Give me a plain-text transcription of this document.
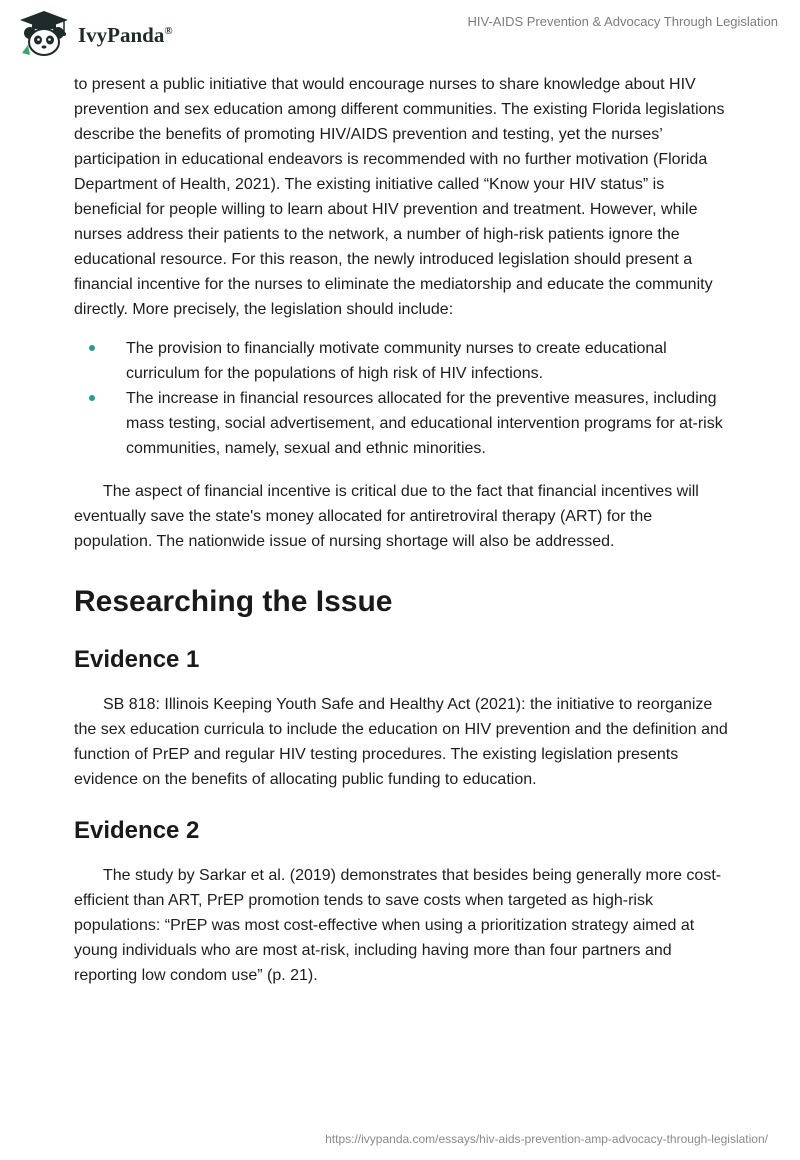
IvyPanda®
HIV-AIDS Prevention & Advocacy Through Legislation

to present a public initiative that would encourage nurses to share knowledge about HIV prevention and sex education among different communities. The existing Florida legislations describe the benefits of promoting HIV/AIDS prevention and testing, yet the nurses’ participation in educational endeavors is recommended with no further motivation (Florida Department of Health, 2021). The existing initiative called “Know your HIV status” is beneficial for people willing to learn about HIV prevention and treatment. However, while nurses address their patients to the network, a number of high-risk patients ignore the educational resource. For this reason, the newly introduced legislation should present a financial incentive for the nurses to eliminate the mediatorship and educate the community directly. More precisely, the legislation should include:

The provision to financially motivate community nurses to create educational curriculum for the populations of high risk of HIV infections.
The increase in financial resources allocated for the preventive measures, including mass testing, social advertisement, and educational intervention programs for at-risk communities, namely, sexual and ethnic minorities.

The aspect of financial incentive is critical due to the fact that financial incentives will eventually save the state's money allocated for antiretroviral therapy (ART) for the population. The nationwide issue of nursing shortage will also be addressed.

Researching the Issue
Evidence 1

SB 818: Illinois Keeping Youth Safe and Healthy Act (2021): the initiative to reorganize the sex education curricula to include the education on HIV prevention and the definition and function of PrEP and regular HIV testing procedures. The existing legislation presents evidence on the benefits of allocating public funding to education.

Evidence 2

The study by Sarkar et al. (2019) demonstrates that besides being generally more cost-efficient than ART, PrEP promotion tends to save costs when targeted as high-risk populations: “PrEP was most cost-effective when using a prioritization strategy aimed at young individuals who are most at-risk, including having more than four partners and reporting low condom use” (p. 21).

https://ivypanda.com/essays/hiv-aids-prevention-amp-advocacy-through-legislation/
